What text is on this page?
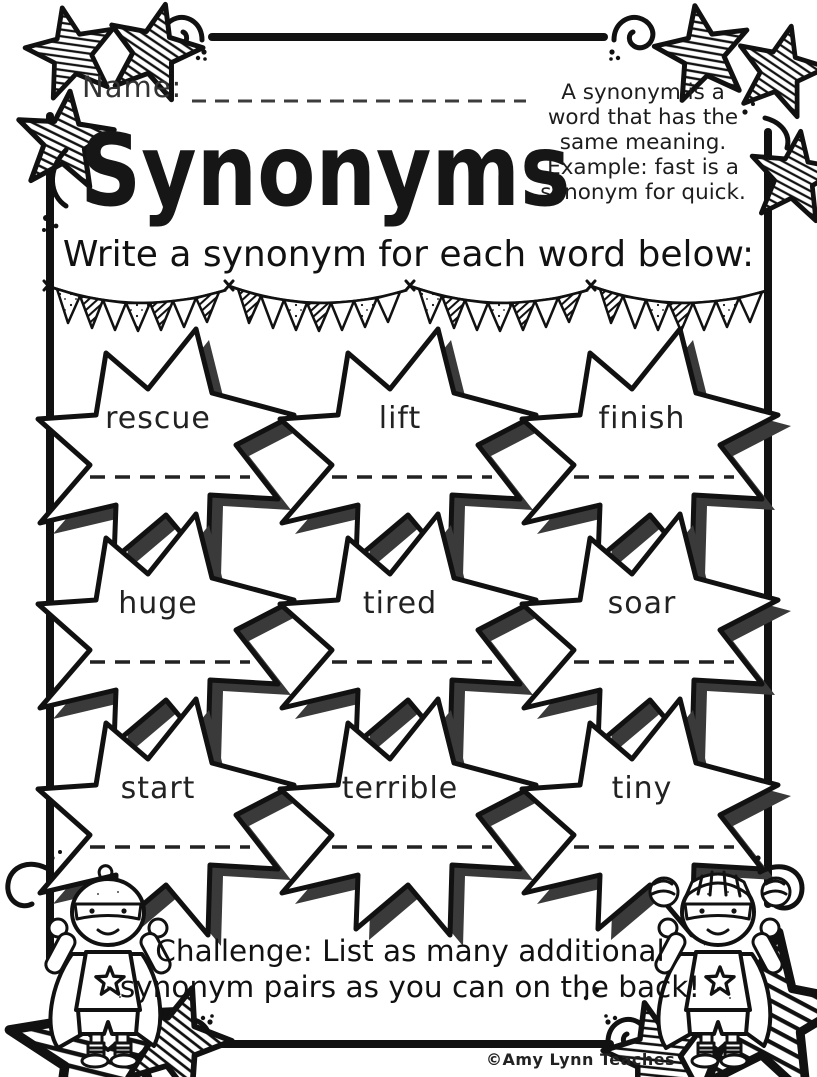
Name:
Synonyms
A synonym is a
word that has the
same meaning.
Example: fast is a
synonym for quick.
Write a synonym for each word below:
rescue	lift	finish
huge	tired	soar
start	terrible	tiny
Challenge: List as many additional
synonym pairs as you can on the back!
©Amy Lynn Teaches
